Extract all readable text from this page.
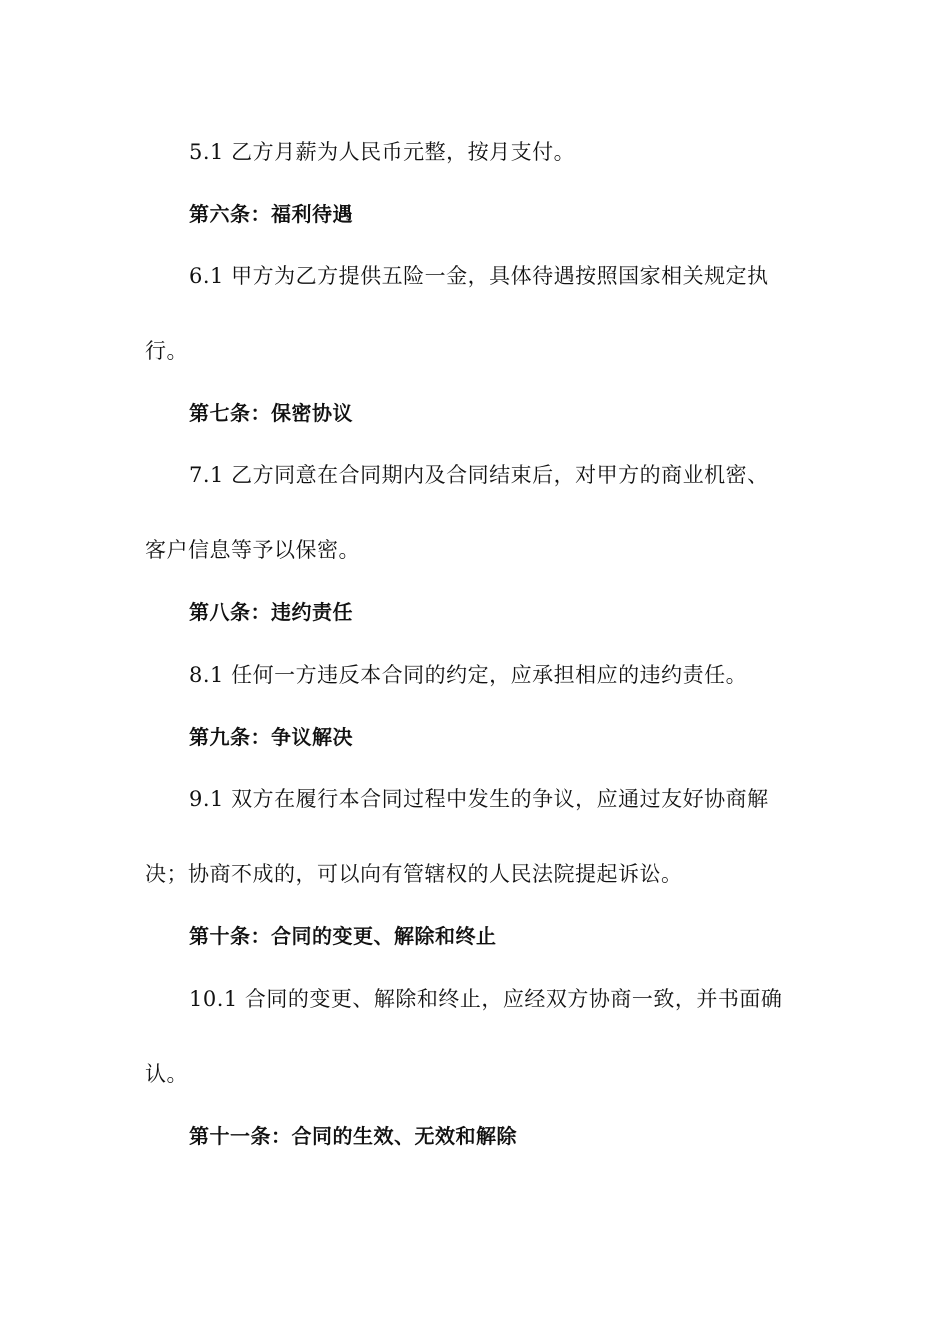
5.1 乙方月薪为人民币元整，按月支付。
第六条：福利待遇
6.1 甲方为乙方提供五险一金，具体待遇按照国家相关规定执
行。
第七条：保密协议
7.1 乙方同意在合同期内及合同结束后，对甲方的商业机密、
客户信息等予以保密。
第八条：违约责任
8.1 任何一方违反本合同的约定，应承担相应的违约责任。
第九条：争议解决
9.1 双方在履行本合同过程中发生的争议，应通过友好协商解
决；协商不成的，可以向有管辖权的人民法院提起诉讼。
第十条：合同的变更、解除和终止
10.1 合同的变更、解除和终止，应经双方协商一致，并书面确
认。
第十一条：合同的生效、无效和解除
